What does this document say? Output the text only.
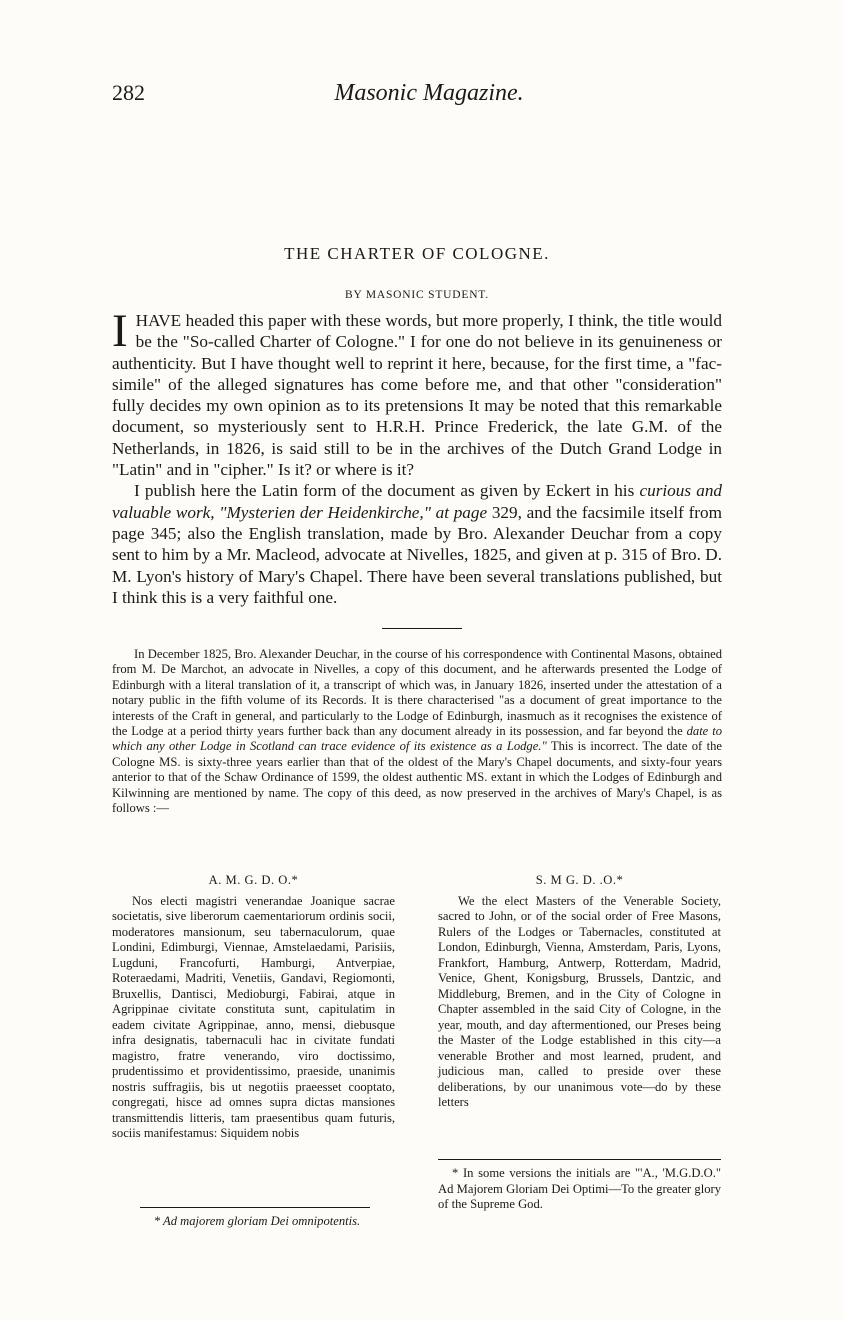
282	Masonic Magazine.
THE CHARTER OF COLOGNE.
BY MASONIC STUDENT.

IHAVE headed this paper with these words, but more properly, I think, the title would be the "So-called Charter of Cologne." I for one do not believe in its genuineness or authenticity. But I have thought well to reprint it here, because, for the first time, a "fac-simile" of the alleged signatures has come before me, and that other "consideration" fully decides my own opinion as to its pretensions It may be noted that this remarkable document, so mysteriously sent to H.R.H. Prince Frederick, the late G.M. of the Netherlands, in 1826, is said still to be in the archives of the Dutch Grand Lodge in "Latin" and in "cipher." Is it? or where is it?

I publish here the Latin form of the document as given by Eckert in his curious and valuable work, "Mysterien der Heidenkirche," at page 329, and the facsimile itself from page 345; also the English translation, made by Bro. Alexander Deuchar from a copy sent to him by a Mr. Macleod, advocate at Nivelles, 1825, and given at p. 315 of Bro. D. M. Lyon's history of Mary's Chapel. There have been several translations published, but I think this is a very faithful one.

In December 1825, Bro. Alexander Deuchar, in the course of his correspondence with Continental Masons, obtained from M. De Marchot, an advocate in Nivelles, a copy of this document, and he afterwards presented the Lodge of Edinburgh with a literal translation of it, a transcript of which was, in January 1826, inserted under the attestation of a notary public in the fifth volume of its Records. It is there characterised "as a document of great importance to the interests of the Craft in general, and particularly to the Lodge of Edinburgh, inasmuch as it recognises the existence of the Lodge at a period thirty years further back than any document already in its possession, and far beyond the date to which any other Lodge in Scotland can trace evidence of its existence as a Lodge." This is incorrect. The date of the Cologne MS. is sixty-three years earlier than that of the oldest of the Mary's Chapel documents, and sixty-four years anterior to that of the Schaw Ordinance of 1599, the oldest authentic MS. extant in which the Lodges of Edinburgh and Kilwinning are mentioned by name. The copy of this deed, as now preserved in the archives of Mary's Chapel, is as follows :—

A. M. G. D. O.*

Nos electi magistri venerandae Joanique sacrae societatis, sive liberorum caementariorum ordinis socii, moderatores mansionum, seu tabernaculorum, quae Londini, Edimburgi, Viennae, Amstelaedami, Parisiis, Lugduni, Francofurti, Hamburgi, Antverpiae, Roteraedami, Madriti, Venetiis, Gandavi, Regiomonti, Bruxellis, Dantisci, Medioburgi, Fabirai, atque in Agrippinae civitate constituta sunt, capitulatim in eadem civitate Agrippinae, anno, mensi, diebusque infra designatis, tabernaculi hac in civitate fundati magistro, fratre venerando, viro doctissimo, prudentissimo et providentissimo, praeside, unanimis nostris suffragiis, bis ut negotiis praeesset cooptato, congregati, hisce ad omnes supra dictas mansiones transmittendis litteris, tam praesentibus quam futuris, sociis manifestamus: Siquidem nobis

S. M G. D. .O.*

We the elect Masters of the Venerable Society, sacred to John, or of the social order of Free Masons, Rulers of the Lodges or Tabernacles, constituted at London, Edinburgh, Vienna, Amsterdam, Paris, Lyons, Frankfort, Hamburg, Antwerp, Rotterdam, Madrid, Venice, Ghent, Konigsburg, Brussels, Dantzic, and Middleburg, Bremen, and in the City of Cologne in Chapter assembled in the said City of Cologne, in the year, mouth, and day aftermentioned, our Preses being the Master of the Lodge established in this city—a venerable Brother and most learned, prudent, and judicious man, called to preside over these deliberations, by our unanimous vote—do by these letters

* Ad majorem gloriam Dei omnipotentis.

* In some versions the initials are "'A., 'M.G.D.O." Ad Majorem Gloriam Dei Optimi—To the greater glory of the Supreme God.
